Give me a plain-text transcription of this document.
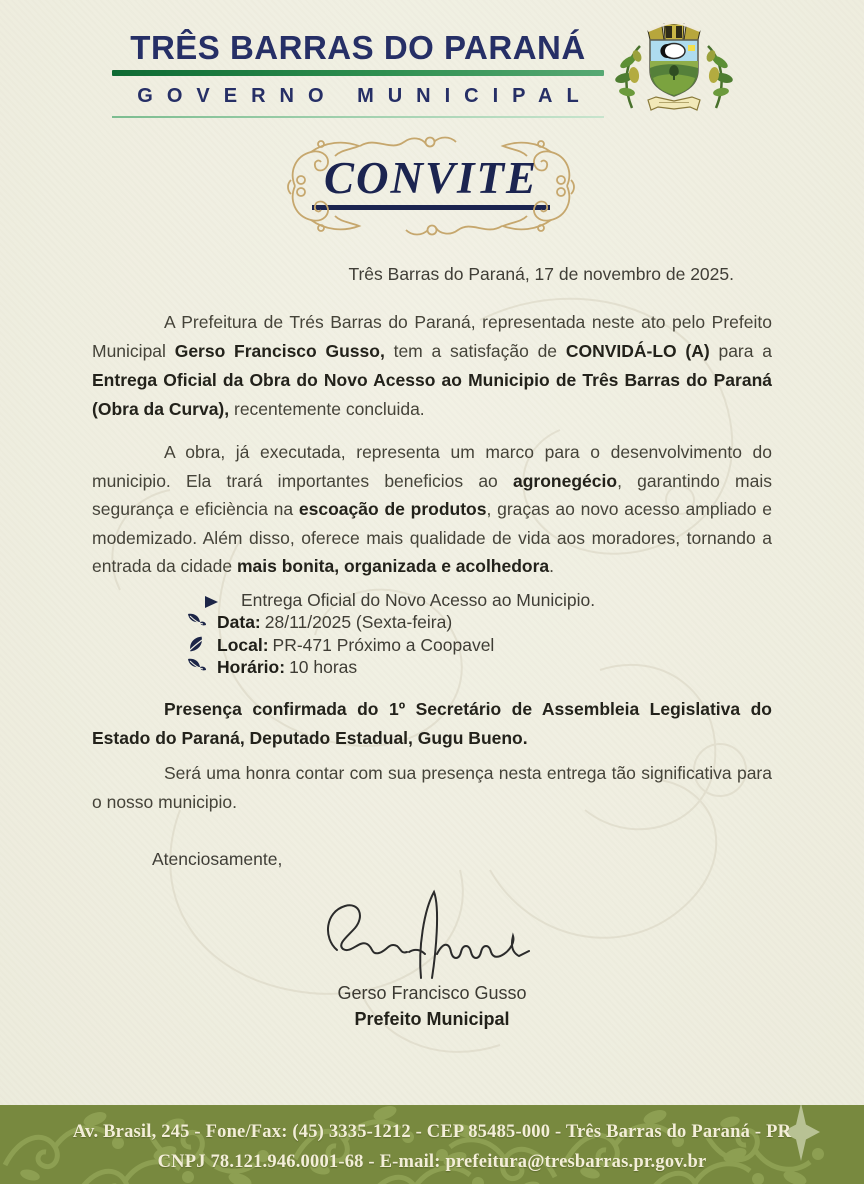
TRÊS BARRAS DO PARANÁ
GOVERNO MUNICIPAL
CONVITE
Três Barras do Paraná, 17 de novembro de 2025.

A Prefeitura de Trés Barras do Paraná, representada neste ato pelo Prefeito Municipal Gerso Francisco Gusso, tem a satisfação de CONVIDÁ-LO (A) para a Entrega Oficial da Obra do Novo Acesso ao Municipio de Três Barras do Paraná (Obra da Curva), recentemente concluida.

A obra, já executada, representa um marco para o desenvolvimento do municipio. Ela trará importantes beneficios ao agronegécio, garantindo mais segurança e eficiència na escoação de produtos, graças ao novo acesso ampliado e modemizado. Além disso, oferece mais qualidade de vida aos moradores, tornando a entrada da cidade mais bonita, organizada e acolhedora.

Entrega Oficial do Novo Acesso ao Municipio.
Data: 28/11/2025 (Sexta-feira)
Local: PR-471 Próximo a Coopavel
Horário: 10 horas

Presença confirmada do 1º Secretário de Assembleia Legislativa do Estado do Paraná, Deputado Estadual, Gugu Bueno.

Será uma honra contar com sua presença nesta entrega tão significativa para o nosso municipio.

Atenciosamente,
Gerso Francisco Gusso
Prefeito Municipal
Av. Brasil, 245 - Fone/Fax: (45) 3335-1212 - CEP 85485-000 - Três Barras do Paraná - PR
CNPJ 78.121.946.0001-68 - E-mail: prefeitura@tresbarras.pr.gov.br
